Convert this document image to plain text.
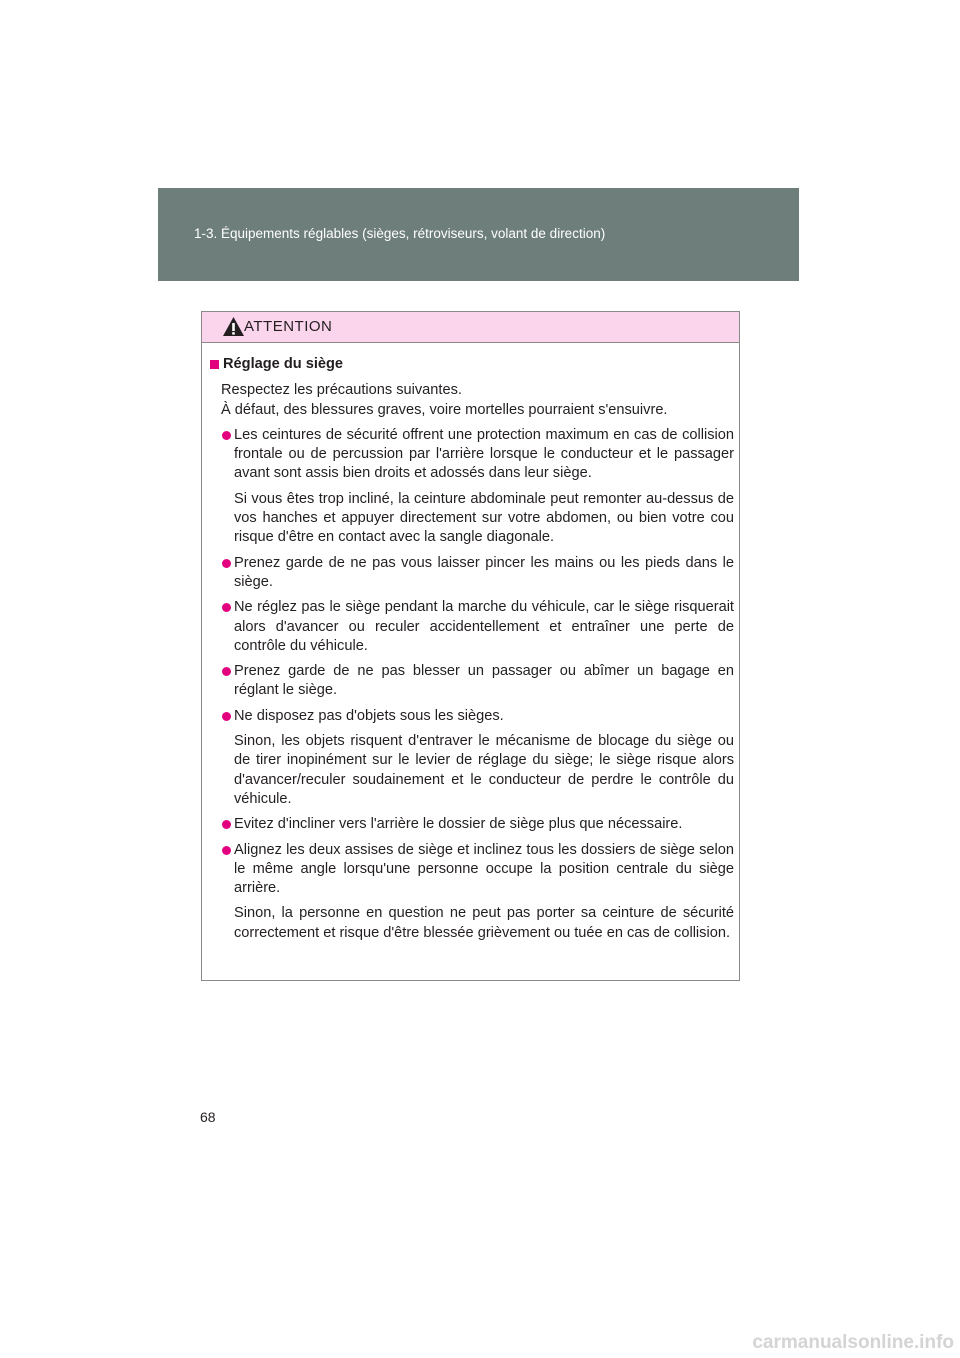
1-3. Équipements réglables (sièges, rétroviseurs, volant de direction)
ATTENTION
Réglage du siège
Respectez les précautions suivantes.
À défaut, des blessures graves, voire mortelles pourraient s'ensuivre.
Les ceintures de sécurité offrent une protection maximum en cas de collision frontale ou de percussion par l'arrière lorsque le conducteur et le passager avant sont assis bien droits et adossés dans leur siège.
Si vous êtes trop incliné, la ceinture abdominale peut remonter au-dessus de vos hanches et appuyer directement sur votre abdomen, ou bien votre cou risque d'être en contact avec la sangle diagonale.
Prenez garde de ne pas vous laisser pincer les mains ou les pieds dans le siège.
Ne réglez pas le siège pendant la marche du véhicule, car le siège risquerait alors d'avancer ou reculer accidentellement et entraîner une perte de contrôle du véhicule.
Prenez garde de ne pas blesser un passager ou abîmer un bagage en réglant le siège.
Ne disposez pas d'objets sous les sièges.
Sinon, les objets risquent d'entraver le mécanisme de blocage du siège ou de tirer inopinément sur le levier de réglage du siège; le siège risque alors d'avancer/reculer soudainement et le conducteur de perdre le contrôle du véhicule.
Evitez d'incliner vers l'arrière le dossier de siège plus que nécessaire.
Alignez les deux assises de siège et inclinez tous les dossiers de siège selon le même angle lorsqu'une personne occupe la position centrale du siège arrière.
Sinon, la personne en question ne peut pas porter sa ceinture de sécurité correctement et risque d'être blessée grièvement ou tuée en cas de collision.
68
carmanualsonline.info
